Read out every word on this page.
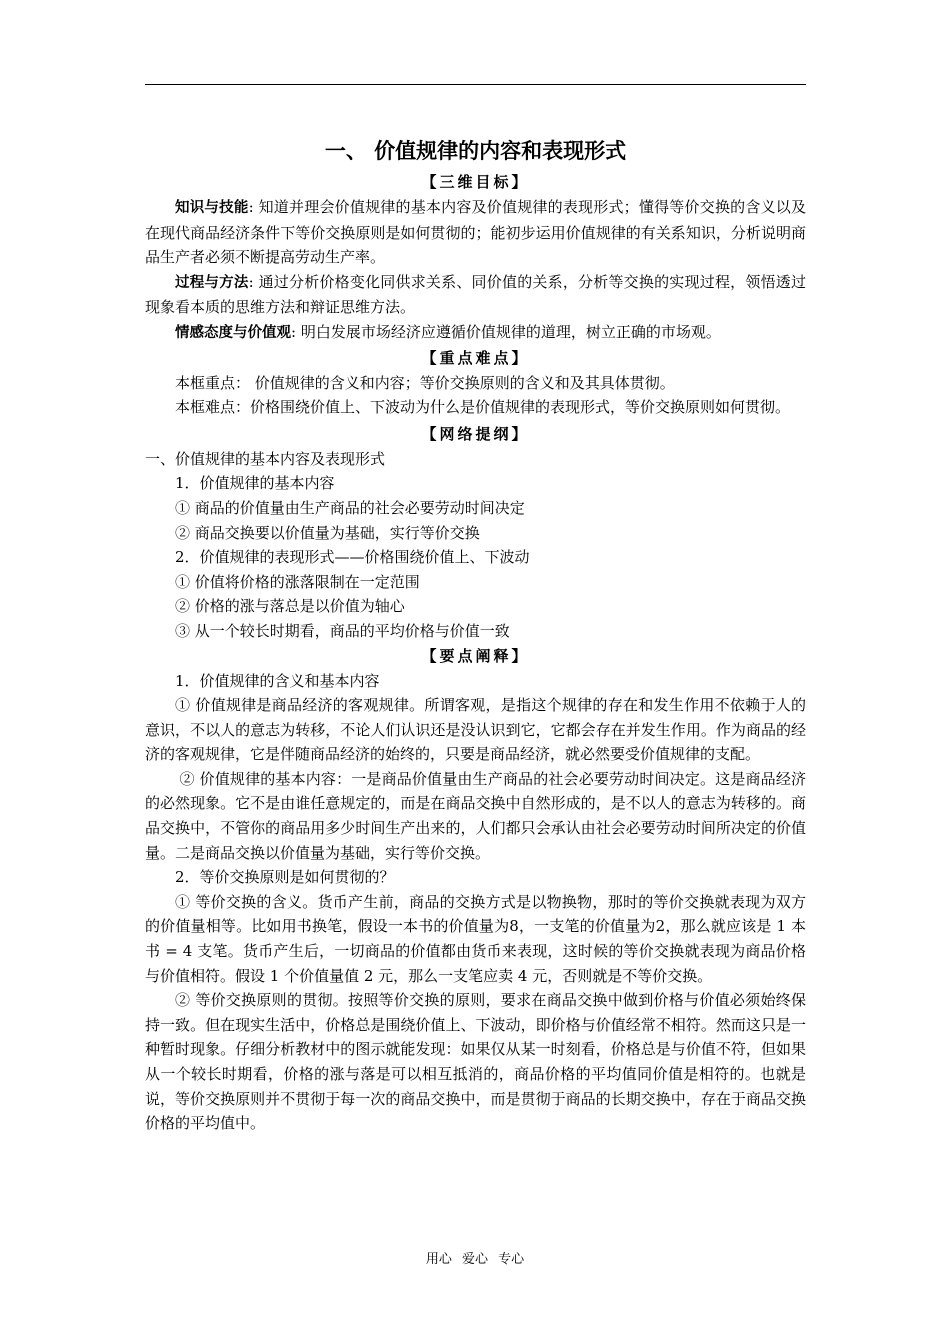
一、 价值规律的内容和表现形式
【三维目标】

知识与技能: 知道并理会价值规律的基本内容及价值规律的表现形式；懂得等价交换的含义以及在现代商品经济条件下等价交换原则是如何贯彻的；能初步运用价值规律的有关系知识，分析说明商品生产者必须不断提高劳动生产率。

过程与方法: 通过分析价格变化同供求关系、同价值的关系，分析等交换的实现过程，领悟透过现象看本质的思维方法和辩证思维方法。

情感态度与价值观: 明白发展市场经济应遵循价值规律的道理，树立正确的市场观。

【重点难点】

本框重点： 价值规律的含义和内容；等价交换原则的含义和及其具体贯彻。

本框难点：价格围绕价值上、下波动为什么是价值规律的表现形式，等价交换原则如何贯彻。

【网络提纲】

一、价值规律的基本内容及表现形式

1．价值规律的基本内容

① 商品的价值量由生产商品的社会必要劳动时间决定

② 商品交换要以价值量为基础，实行等价交换

2．价值规律的表现形式——价格围绕价值上、下波动

① 价值将价格的涨落限制在一定范围

② 价格的涨与落总是以价值为轴心

③ 从一个较长时期看，商品的平均价格与价值一致

【要点阐释】

1．价值规律的含义和基本内容

① 价值规律是商品经济的客观规律。所谓客观，是指这个规律的存在和发生作用不依赖于人的意识，不以人的意志为转移，不论人们认识还是没认识到它，它都会存在并发生作用。作为商品的经济的客观规律，它是伴随商品经济的始终的，只要是商品经济，就必然要受价值规律的支配。

② 价值规律的基本内容：一是商品价值量由生产商品的社会必要劳动时间决定。这是商品经济的必然现象。它不是由谁任意规定的，而是在商品交换中自然形成的，是不以人的意志为转移的。商品交换中，不管你的商品用多少时间生产出来的，人们都只会承认由社会必要劳动时间所决定的价值量。二是商品交换以价值量为基础，实行等价交换。

2．等价交换原则是如何贯彻的？

① 等价交换的含义。货币产生前，商品的交换方式是以物换物，那时的等价交换就表现为双方的价值量相等。比如用书换笔，假设一本书的价值量为8，一支笔的价值量为2，那么就应该是 1 本书 = 4 支笔。货币产生后，一切商品的价值都由货币来表现，这时候的等价交换就表现为商品价格与价值相符。假设 1 个价值量值 2 元，那么一支笔应卖 4 元，否则就是不等价交换。

② 等价交换原则的贯彻。按照等价交换的原则，要求在商品交换中做到价格与价值必须始终保持一致。但在现实生活中，价格总是围绕价值上、下波动，即价格与价值经常不相符。然而这只是一种暂时现象。仔细分析教材中的图示就能发现：如果仅从某一时刻看，价格总是与价值不符，但如果从一个较长时期看，价格的涨与落是可以相互抵消的，商品价格的平均值同价值是相符的。也就是说，等价交换原则并不贯彻于每一次的商品交换中，而是贯彻于商品的长期交换中，存在于商品交换价格的平均值中。

用心 爱心 专心
